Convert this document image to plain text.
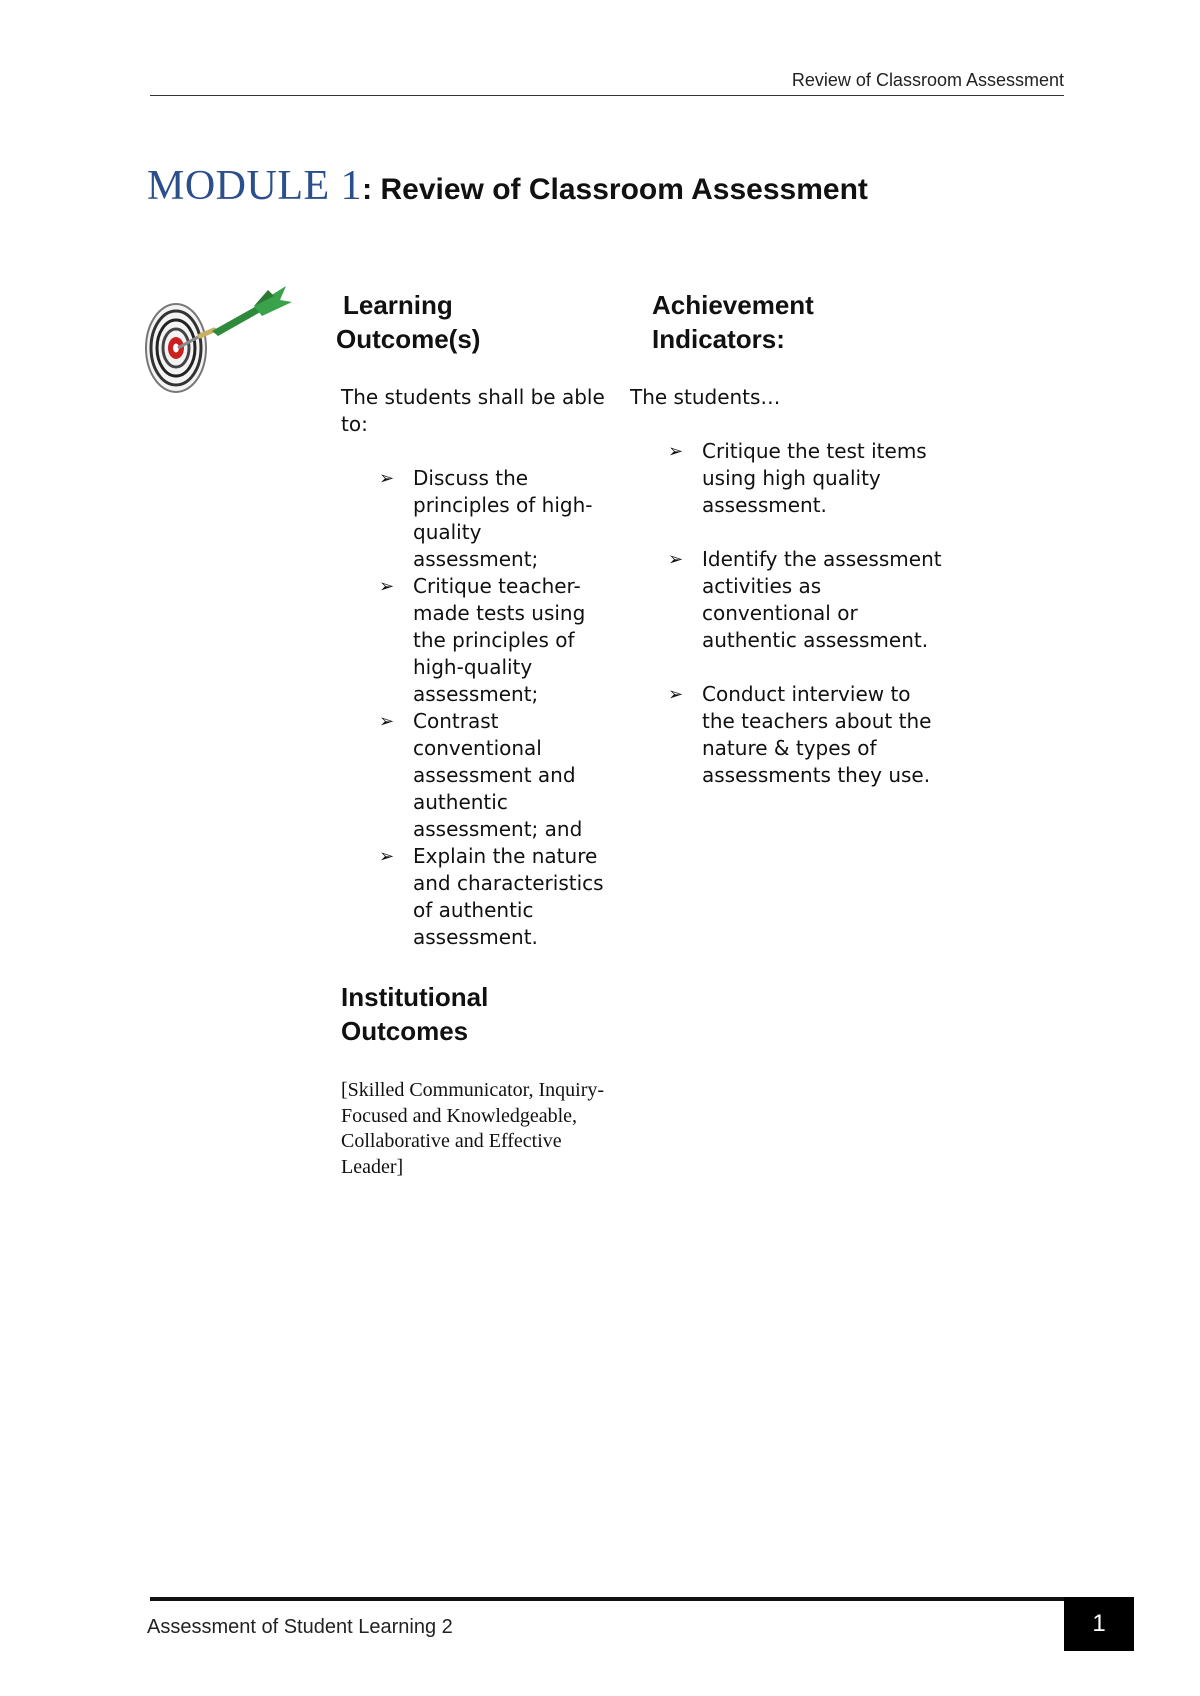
Review of Classroom Assessment
MODULE 1: Review of Classroom Assessment
Learning
Outcome(s)
Achievement
Indicators:
The students shall be able to:
The students…
➢ Discuss the principles of high-quality assessment;
➢ Critique teacher-made tests using the principles of high-quality assessment;
➢ Contrast conventional assessment and authentic assessment; and
➢ Explain the nature and characteristics of authentic assessment.
➢ Critique the test items using high quality assessment.
➢ Identify the assessment activities as conventional or authentic assessment.
➢ Conduct interview to the teachers about the nature & types of assessments they use.
Institutional Outcomes
[Skilled Communicator, Inquiry-Focused and Knowledgeable, Collaborative and Effective Leader]
Assessment of Student Learning 2	1
